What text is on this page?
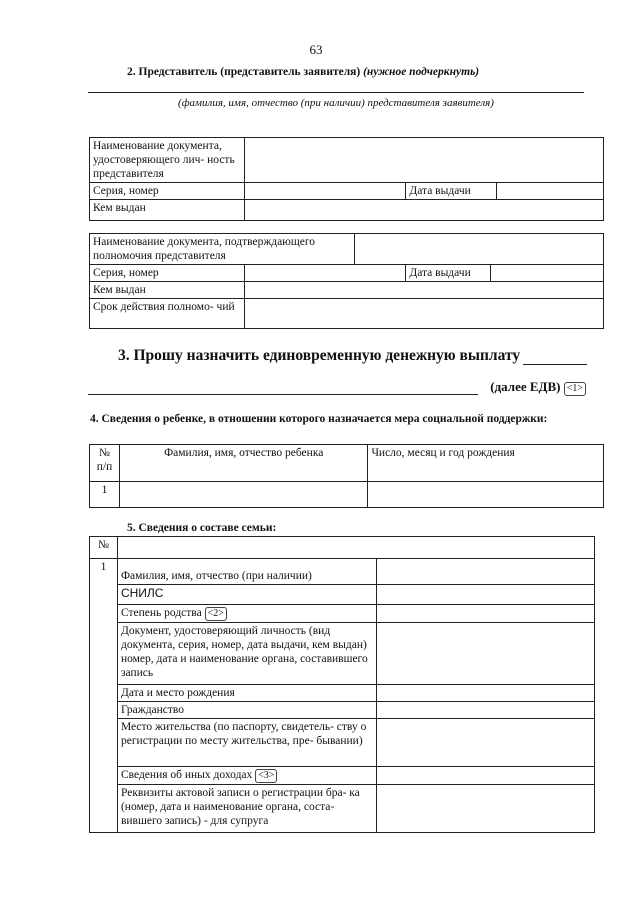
63
2. Представитель (представитель заявителя) (нужное подчеркнуть)
(фамилия, имя, отчество (при наличии) представителя заявителя)
Наименование документа, удостоверяющего лич- ность представителя			
Серия, номер		Дата выдачи	
Кем выдан			
Наименование документа, подтверждающего полномочия представителя				
Серия, номер			Дата выдачи	
Кем выдан				
Срок действия полномо- чий				
3. Прошу назначить единовременную денежную выплату
(далее ЕДВ) <1>
4. Сведения о ребенке, в отношении которого назначается мера социальной поддержки:
№ п/п	Фамилия, имя, отчество ребенка	Число, месяц и год рождения
1		
5. Сведения о составе семьи:
№		
1	Фамилия, имя, отчество (при наличии)	
	СНИЛС	
	Степень родства <2>	
	Документ, удостоверяющий личность (вид документа, серия, номер, дата выдачи, кем выдан) номер, дата и наименование органа, составившего запись	
	Дата и место рождения	
	Гражданство	
	Место жительства (по паспорту, свидетель- ству о регистрации по месту жительства, пре- бывании)	
	Сведения об иных доходах <3>	
	Реквизиты актовой записи о регистрации бра- ка (номер, дата и наименование органа, соста- вившего запись) - для супруга	
